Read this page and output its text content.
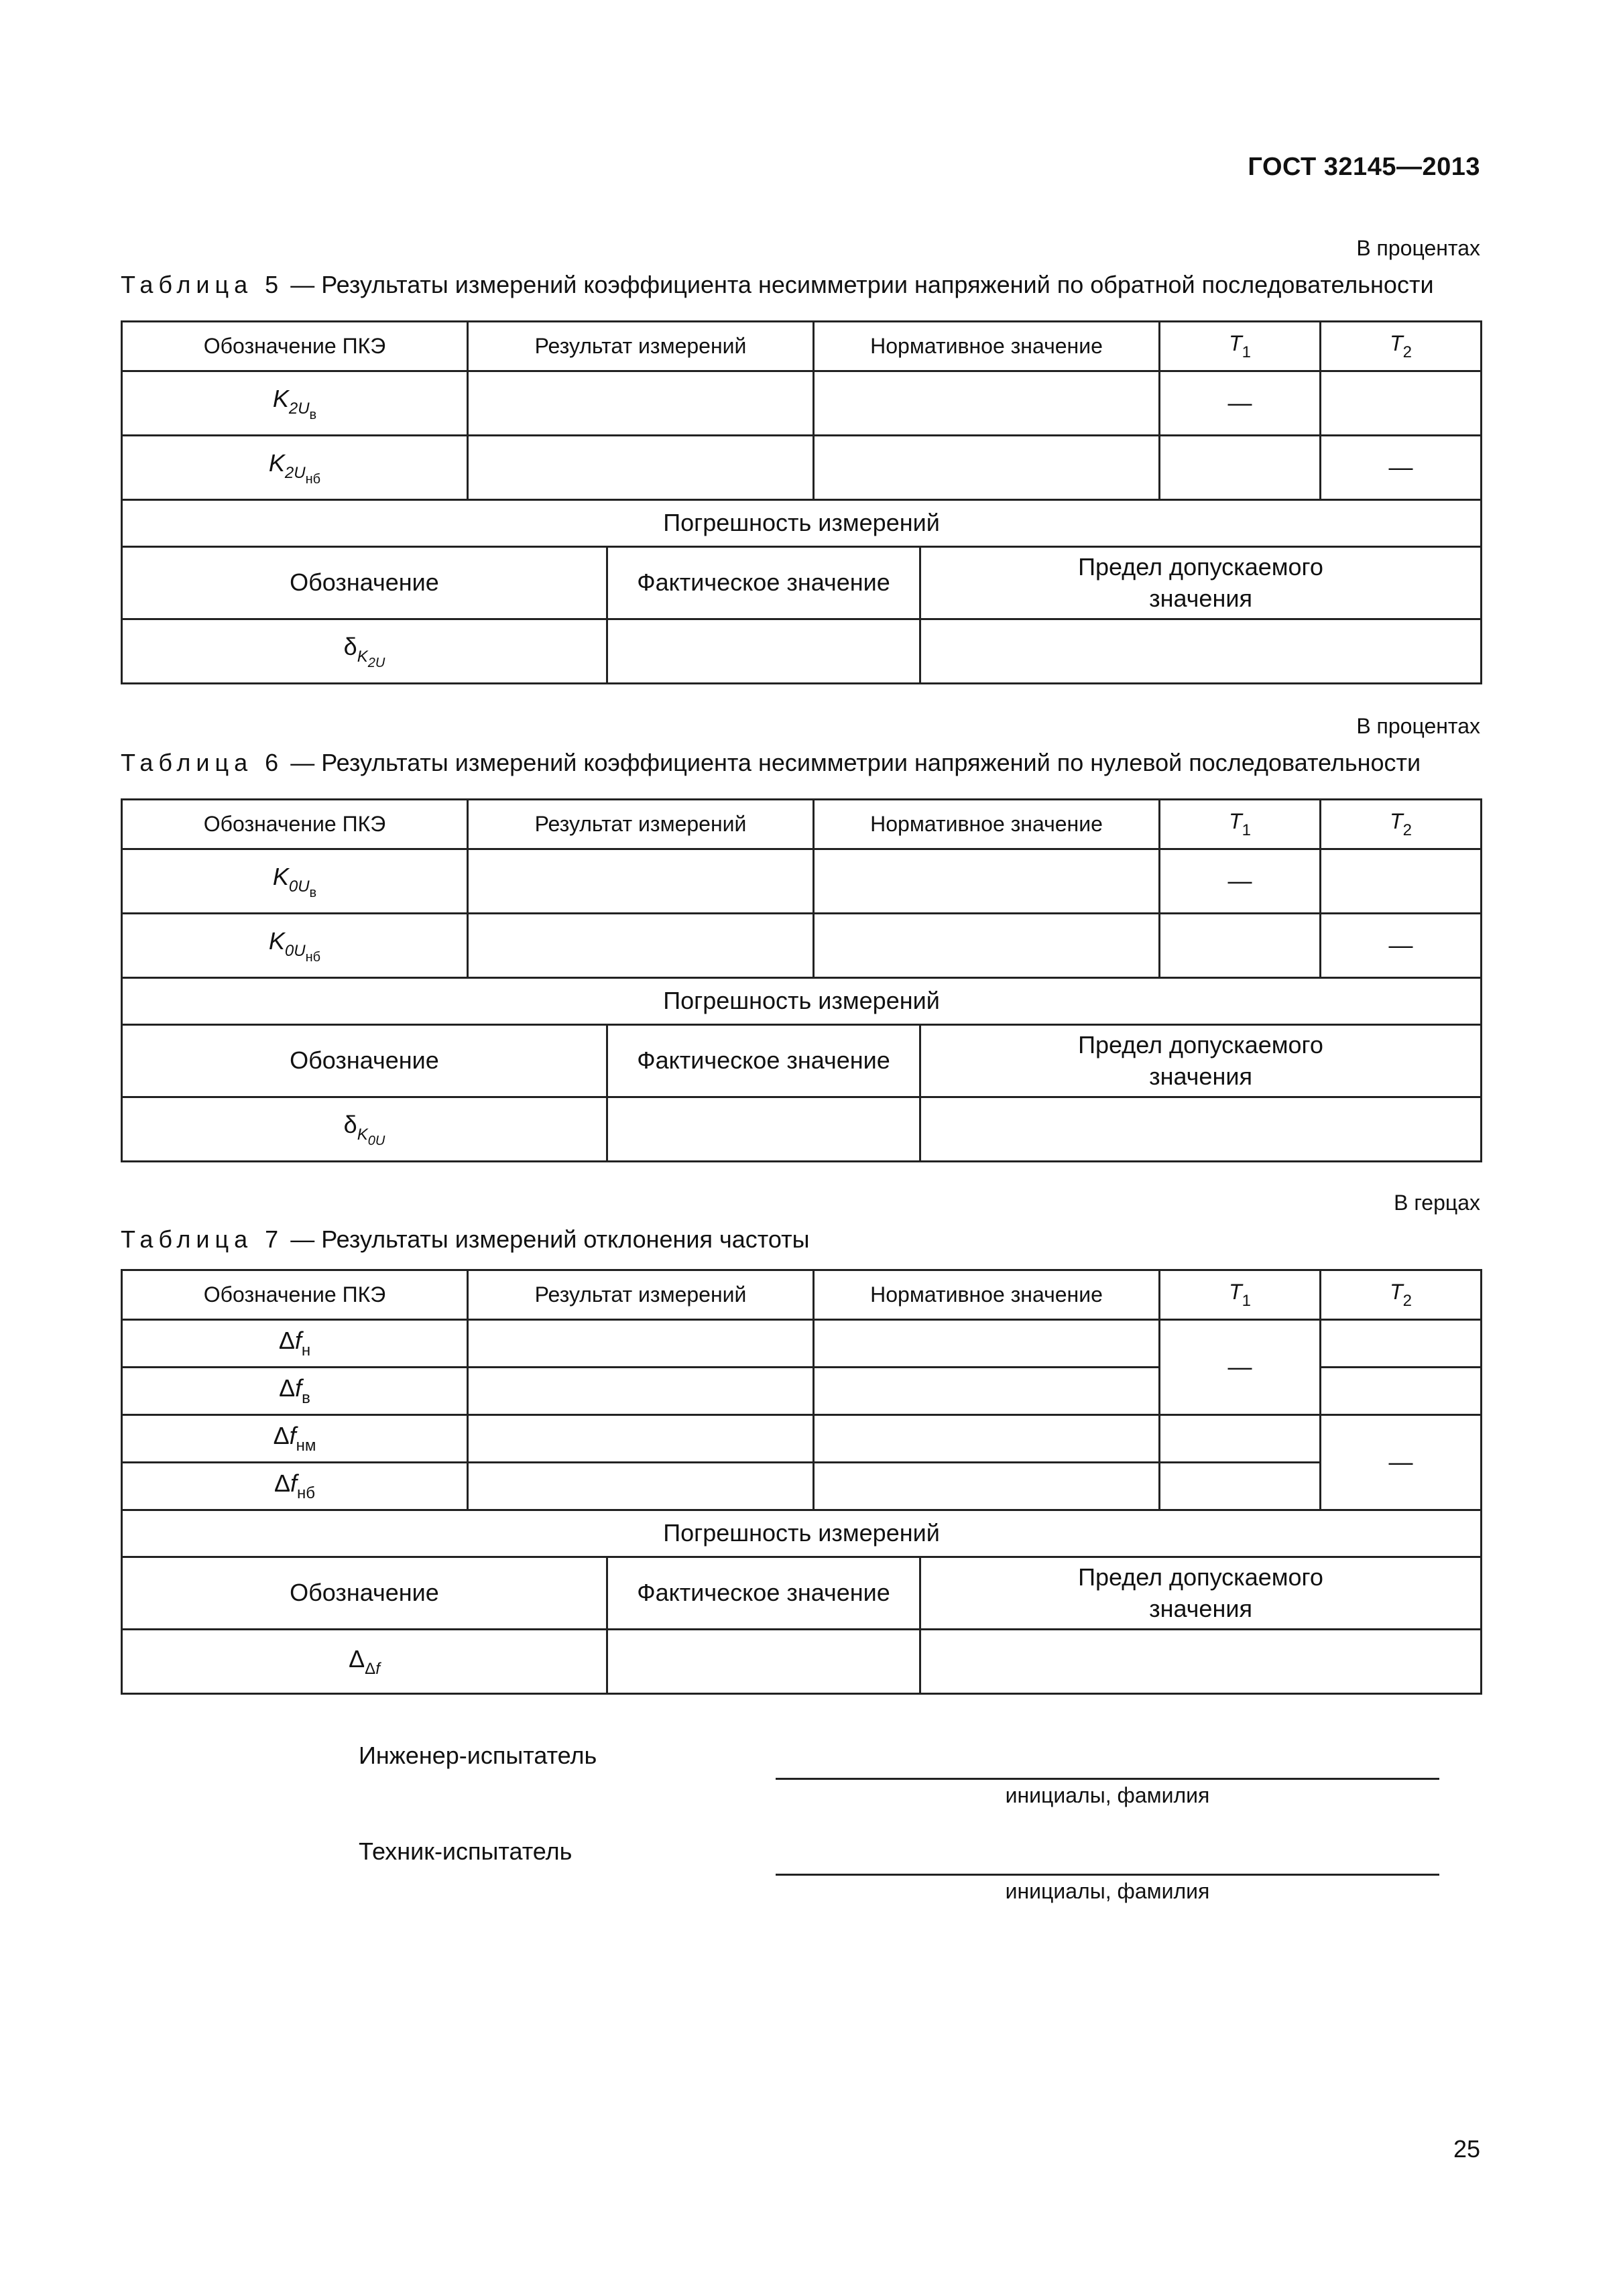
ГОСТ 32145—2013
В процентах
Таблица 5 — Результаты измерений коэффициента несимметрии напряжений по обратной последовательности
Обозначение ПКЭ	Результат измерений		Нормативное значение		$T_1$	$T_2$
$K_{2U_в}$					—	
$K_{2U_{нб}}$						—
Погрешность измерений						
Обозначение		Фактическое значение		Предел допускаемого
значения		
$\delta_{K_{2U}}$		
В процентах
Таблица 6 — Результаты измерений коэффициента несимметрии напряжений по нулевой последовательности
Обозначение ПКЭ	Результат измерений		Нормативное значение		$T_1$	$T_2$
$K_{0U_в}$					—	
$K_{0U_{нб}}$						—
Погрешность измерений						
Обозначение		Фактическое значение		Предел допускаемого
значения		
$\delta_{K_{0U}}$		
В герцах
Таблица 7 — Результаты измерений отклонения частоты
Обозначение ПКЭ	Результат измерений		Нормативное значение		$T_1$	$T_2$
$\Delta f_н$					—	
$\Delta f_в$			
$\Delta f_{нм}$						—
$\Delta f_{нб}$			
Погрешность измерений						
Обозначение		Фактическое значение		Предел допускаемого
значения		
$\Delta_{\Delta f}$		
Инженер-испытатель
инициалы, фамилия
Техник-испытатель
инициалы, фамилия
25
